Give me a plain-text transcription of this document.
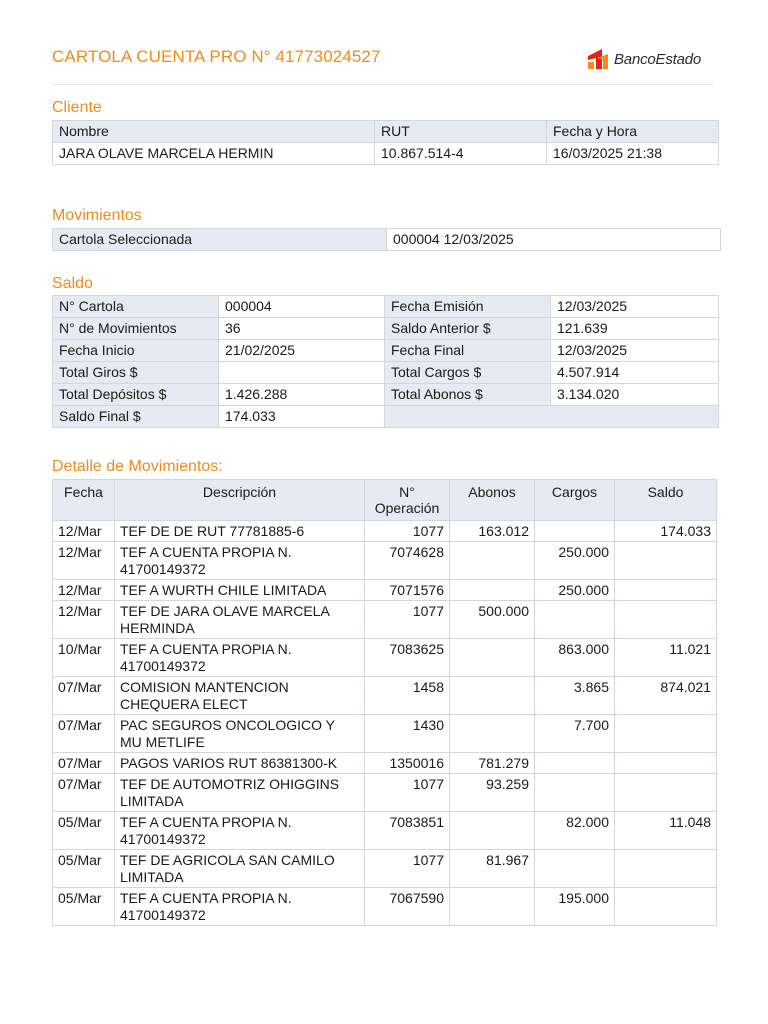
CARTOLA CUENTA PRO N° 41773024527	BancoEstado
Cliente
Nombre	RUT	Fecha y Hora
JARA OLAVE MARCELA HERMIN	10.867.514-4	16/03/2025 21:38
Movimientos
Cartola Seleccionada	000004 12/03/2025
Saldo
N° Cartola	000004	Fecha Emisión	12/03/2025
N° de Movimientos	36	Saldo Anterior $	121.639
Fecha Inicio	21/02/2025	Fecha Final	12/03/2025
Total Giros $		Total Cargos $	4.507.914
Total Depósitos $	1.426.288	Total Abonos $	3.134.020
Saldo Final $	174.033		
Detalle de Movimientos:
Fecha	Descripción	N° Operación	Abonos	Cargos	Saldo
12/Mar	TEF DE DE RUT 77781885-6	1077	163.012		174.033
12/Mar	TEF A CUENTA PROPIA N. 41700149372	7074628		250.000	
12/Mar	TEF A WURTH CHILE LIMITADA	7071576		250.000	
12/Mar	TEF DE JARA OLAVE MARCELA HERMINDA	1077	500.000		
10/Mar	TEF A CUENTA PROPIA N. 41700149372	7083625		863.000	11.021
07/Mar	COMISION MANTENCION CHEQUERA ELECT	1458		3.865	874.021
07/Mar	PAC SEGUROS ONCOLOGICO Y MU METLIFE	1430		7.700	
07/Mar	PAGOS VARIOS RUT 86381300-K	1350016	781.279		
07/Mar	TEF DE AUTOMOTRIZ OHIGGINS LIMITADA	1077	93.259		
05/Mar	TEF A CUENTA PROPIA N. 41700149372	7083851		82.000	11.048
05/Mar	TEF DE AGRICOLA SAN CAMILO LIMITADA	1077	81.967		
05/Mar	TEF A CUENTA PROPIA N. 41700149372	7067590		195.000	
